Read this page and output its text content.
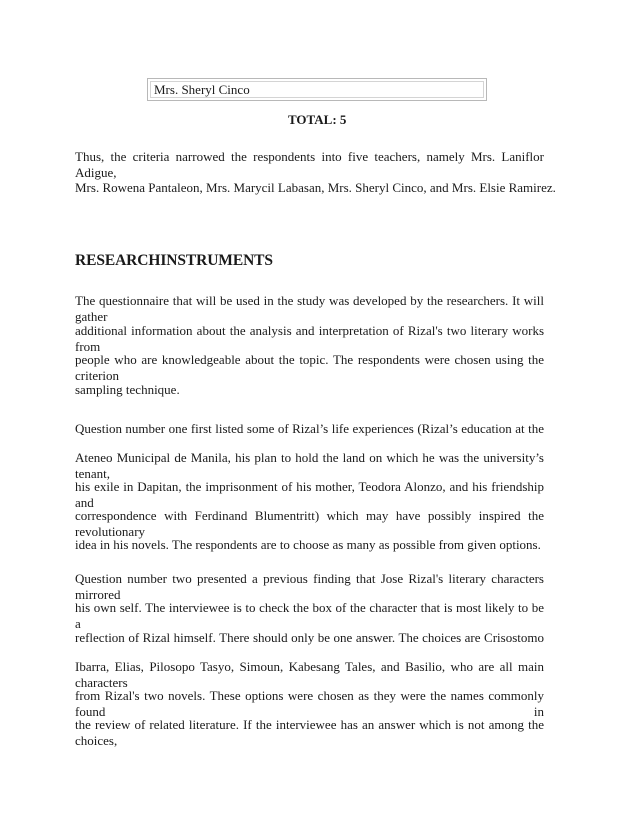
Mrs. Sheryl Cinco
TOTAL: 5
Thus, the criteria narrowed the respondents into five teachers, namely Mrs. Laniflor Adigue,
Mrs. Rowena Pantaleon, Mrs. Marycil Labasan, Mrs. Sheryl Cinco, and Mrs. Elsie Ramirez.
RESEARCHINSTRUMENTS
The questionnaire that will be used in the study was developed by the researchers. It will gather
additional information about the analysis and interpretation of Rizal's two literary works from
people who are knowledgeable about the topic. The respondents were chosen using the criterion
sampling technique.
Question number one first listed some of Rizal’s life experiences (Rizal’s education at the
Ateneo Municipal de Manila, his plan to hold the land on which he was the university’s tenant,
his exile in Dapitan, the imprisonment of his mother, Teodora Alonzo, and his friendship and
correspondence with Ferdinand Blumentritt) which may have possibly inspired the revolutionary
idea in his novels. The respondents are to choose as many as possible from given options.
Question number two presented a previous finding that Jose Rizal's literary characters mirrored
his own self. The interviewee is to check the box of the character that is most likely to be a
reflection of Rizal himself. There should only be one answer. The choices are Crisostomo
Ibarra, Elias, Pilosopo Tasyo, Simoun, Kabesang Tales, and Basilio, who are all main characters
from Rizal's two novels. These options were chosen as they were the names commonly found in
the review of related literature. If the interviewee has an answer which is not among the choices,
